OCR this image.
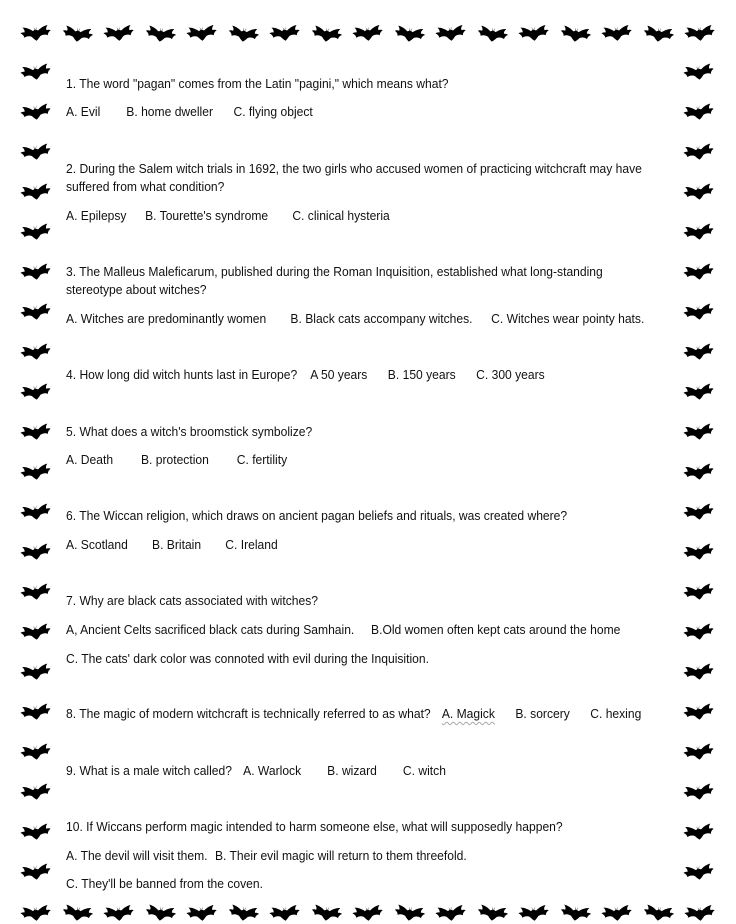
1. The word "pagan" comes from the Latin "pagini," which means what?
A. Evil B. home dweller C. flying object
2. During the Salem witch trials in 1692, the two girls who accused women of practicing witchcraft may have
suffered from what condition?
A. Epilepsy B. Tourette's syndrome C. clinical hysteria
3. The Malleus Maleficarum, published during the Roman Inquisition, established what long-standing
stereotype about witches?
A. Witches are predominantly women B. Black cats accompany witches. C. Witches wear pointy hats.
4. How long did witch hunts last in Europe? A 50 years B. 150 years C. 300 years
5. What does a witch's broomstick symbolize?
A. Death B. protection C. fertility
6. The Wiccan religion, which draws on ancient pagan beliefs and rituals, was created where?
A. Scotland B. Britain C. Ireland
7. Why are black cats associated with witches?
A, Ancient Celts sacrificed black cats during Samhain. B.Old women often kept cats around the home
C. The cats' dark color was connoted with evil during the Inquisition.
8. The magic of modern witchcraft is technically referred to as what? A. Magick B. sorcery C. hexing
9. What is a male witch called? A. Warlock B. wizard C. witch
10. If Wiccans perform magic intended to harm someone else, what will supposedly happen?
A. The devil will visit them. B. Their evil magic will return to them threefold.
C. They'll be banned from the coven.
